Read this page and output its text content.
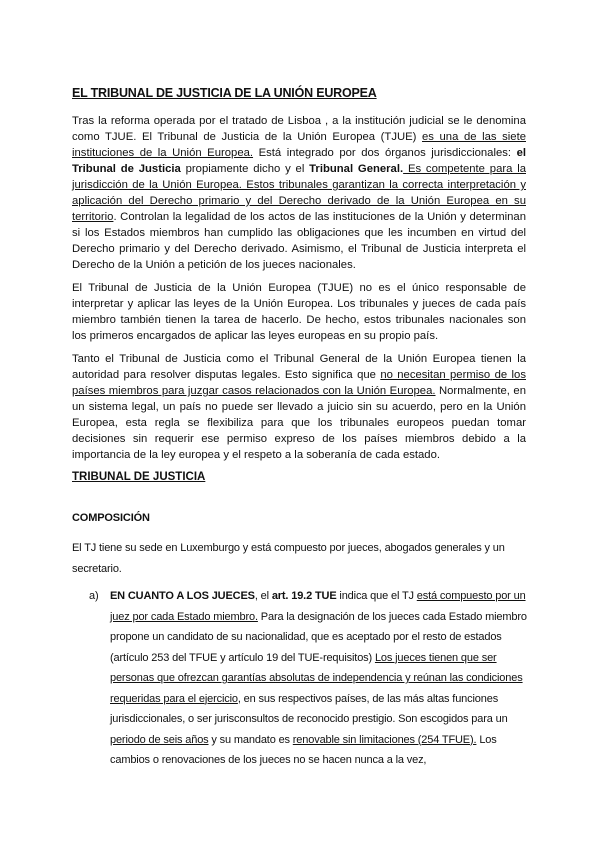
EL TRIBUNAL DE JUSTICIA DE LA UNIÓN EUROPEA
Tras la reforma operada por el tratado de Lisboa , a la institución judicial se le denomina como TJUE. El Tribunal de Justicia de la Unión Europea (TJUE) es una de las siete instituciones de la Unión Europea. Está integrado por dos órganos jurisdiccionales: el Tribunal de Justicia propiamente dicho y el Tribunal General. Es competente para la jurisdicción de la Unión Europea. Estos tribunales garantizan la correcta interpretación y aplicación del Derecho primario y del Derecho derivado de la Unión Europea en su territorio. Controlan la legalidad de los actos de las instituciones de la Unión y determinan si los Estados miembros han cumplido las obligaciones que les incumben en virtud del Derecho primario y del Derecho derivado. Asimismo, el Tribunal de Justicia interpreta el Derecho de la Unión a petición de los jueces nacionales.
El Tribunal de Justicia de la Unión Europea (TJUE) no es el único responsable de interpretar y aplicar las leyes de la Unión Europea. Los tribunales y jueces de cada país miembro también tienen la tarea de hacerlo. De hecho, estos tribunales nacionales son los primeros encargados de aplicar las leyes europeas en su propio país.
Tanto el Tribunal de Justicia como el Tribunal General de la Unión Europea tienen la autoridad para resolver disputas legales. Esto significa que no necesitan permiso de los países miembros para juzgar casos relacionados con la Unión Europea. Normalmente, en un sistema legal, un país no puede ser llevado a juicio sin su acuerdo, pero en la Unión Europea, esta regla se flexibiliza para que los tribunales europeos puedan tomar decisiones sin requerir ese permiso expreso de los países miembros debido a la importancia de la ley europea y el respeto a la soberanía de cada estado.
TRIBUNAL DE JUSTICIA
COMPOSICIÓN
El TJ tiene su sede en Luxemburgo y está compuesto por jueces, abogados generales y un secretario.
a) EN CUANTO A LOS JUECES, el art. 19.2 TUE indica que el TJ está compuesto por un juez por cada Estado miembro. Para la designación de los jueces cada Estado miembro propone un candidato de su nacionalidad, que es aceptado por el resto de estados (artículo 253 del TFUE y artículo 19 del TUE-requisitos) Los jueces tienen que ser personas que ofrezcan garantías absolutas de independencia y reúnan las condiciones requeridas para el ejercicio, en sus respectivos países, de las más altas funciones jurisdiccionales, o ser jurisconsultos de reconocido prestigio. Son escogidos para un periodo de seis años y su mandato es renovable sin limitaciones (254 TFUE). Los cambios o renovaciones de los jueces no se hacen nunca a la vez,
